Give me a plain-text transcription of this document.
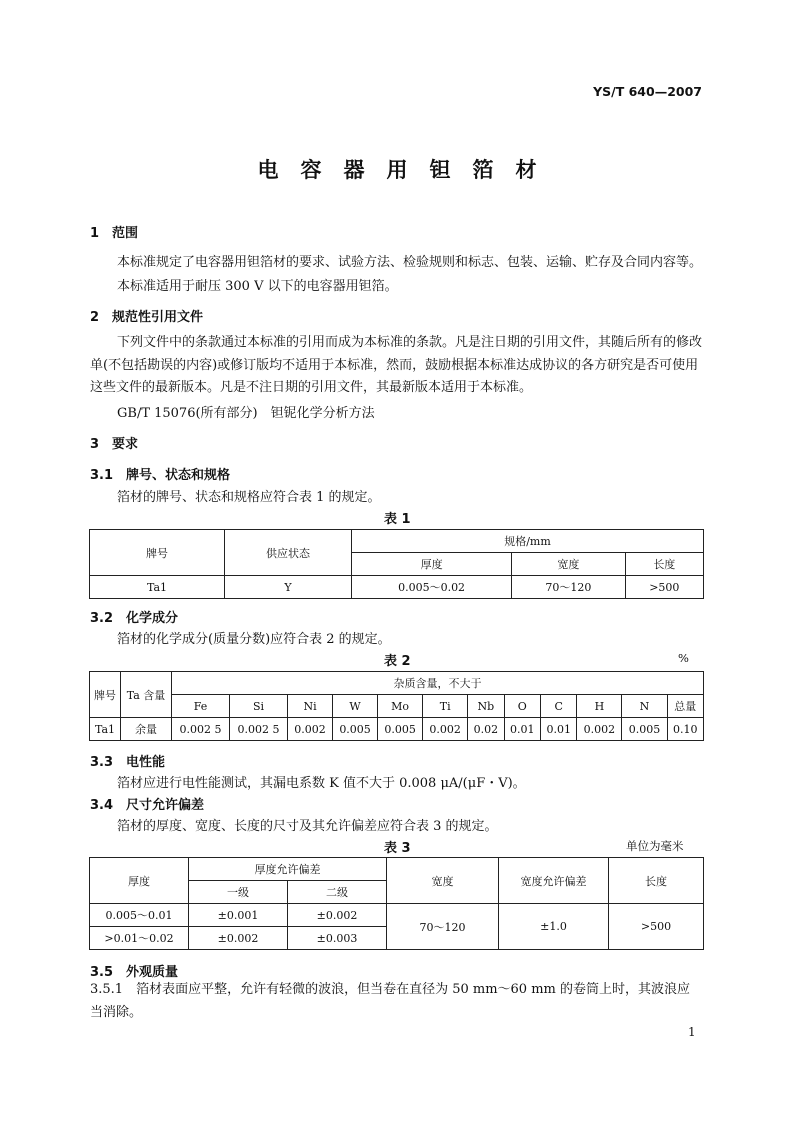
YS/T 640—2007
电容器用钽箔材
1　范围
本标准规定了电容器用钽箔材的要求、试验方法、检验规则和标志、包装、运输、贮存及合同内容等。
本标准适用于耐压 300 V 以下的电容器用钽箔。
2　规范性引用文件
下列文件中的条款通过本标准的引用而成为本标准的条款。凡是注日期的引用文件，其随后所有的修改单(不包括勘误的内容)或修订版均不适用于本标准，然而，鼓励根据本标准达成协议的各方研究是否可使用这些文件的最新版本。凡是不注日期的引用文件，其最新版本适用于本标准。
GB/T 15076(所有部分)　钽铌化学分析方法
3　要求
3.1　牌号、状态和规格
箔材的牌号、状态和规格应符合表 1 的规定。
表 1
牌号	供应状态	规格/mm		
		厚度	宽度	长度
Ta1	Y	0.005～0.02	70～120	>500
3.2　化学成分
箔材的化学成分(质量分数)应符合表 2 的规定。
表 2	%
牌号	Ta 含量	杂质含量，不大于											
		Fe	Si	Ni	W	Mo	Ti	Nb	O	C	H	N	总量
Ta1	余量	0.002 5	0.002 5	0.002	0.005	0.005	0.002	0.02	0.01	0.01	0.002	0.005	0.10
3.3　电性能
箔材应进行电性能测试，其漏电系数 K 值不大于 0.008 μA/(μF・V)。
3.4　尺寸允许偏差
箔材的厚度、宽度、长度的尺寸及其允许偏差应符合表 3 的规定。
表 3	单位为毫米
厚度	厚度允许偏差		宽度	宽度允许偏差	长度
	一级	二级			
0.005～0.01	±0.001	±0.002	70～120	±1.0	>500
>0.01～0.02	±0.002	±0.003			
3.5　外观质量
3.5.1　箔材表面应平整，允许有轻微的波浪，但当卷在直径为 50 mm～60 mm 的卷筒上时，其波浪应当消除。
1
